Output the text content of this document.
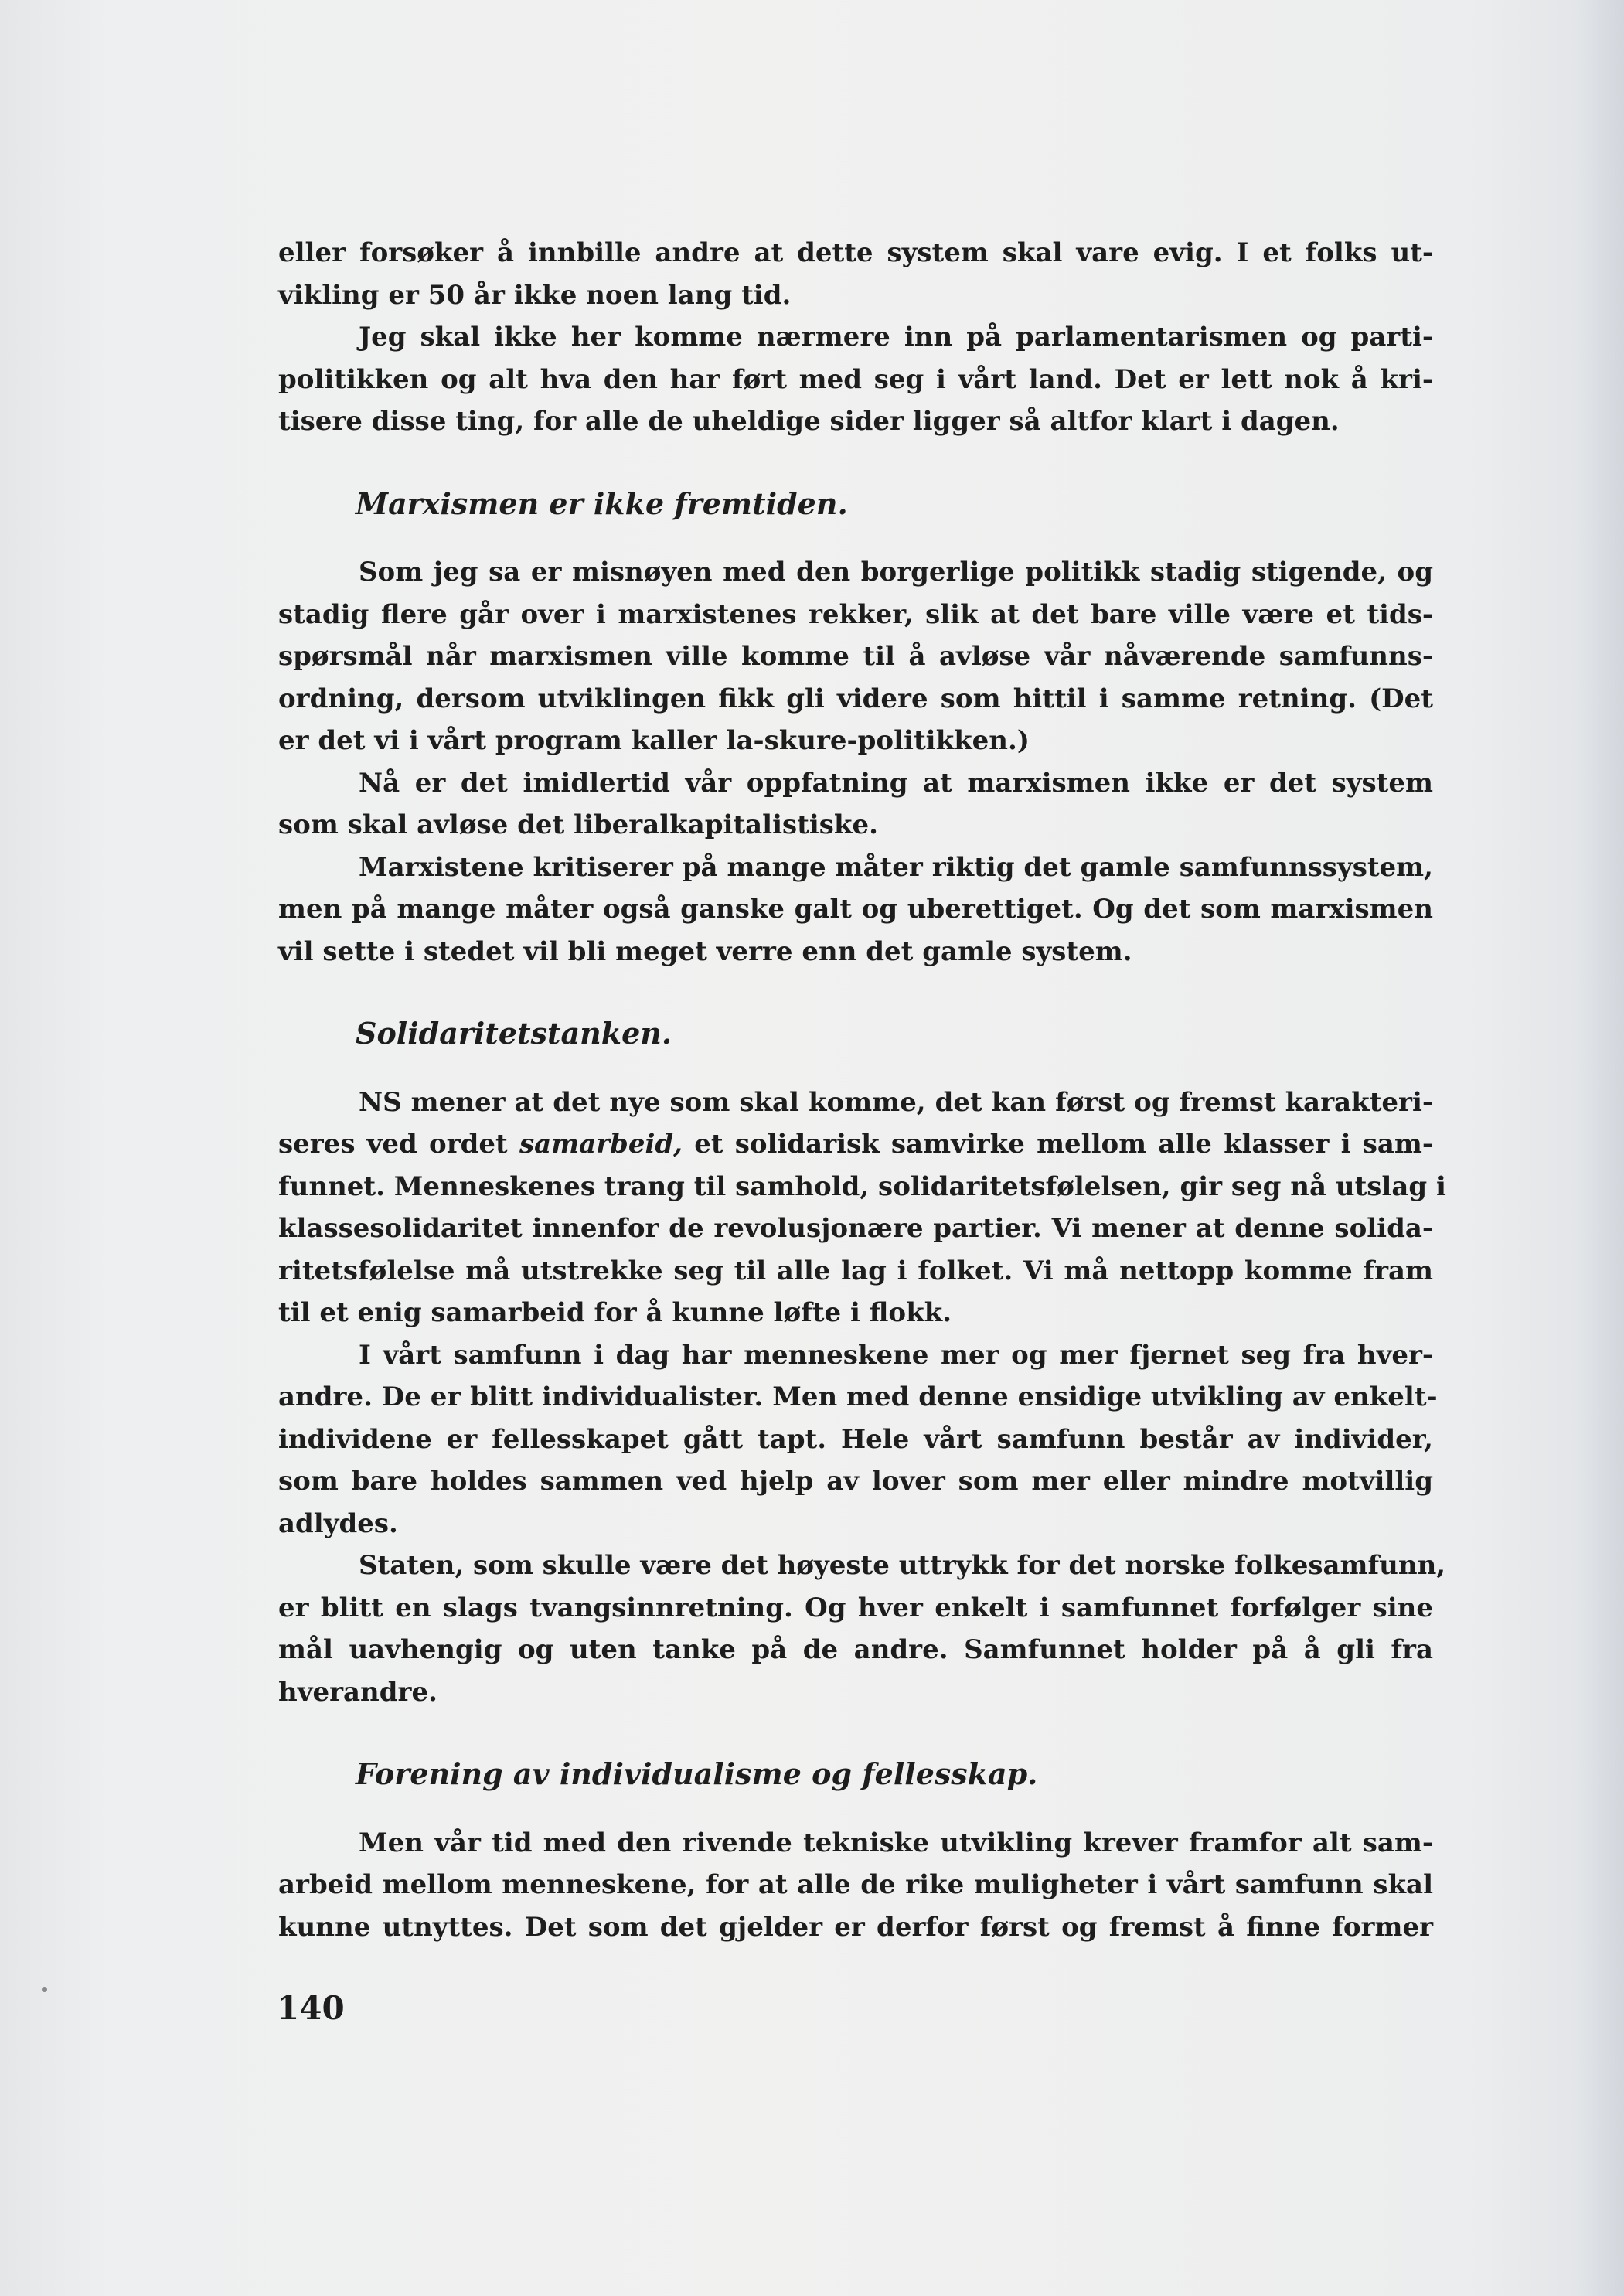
eller forsøker å innbille andre at dette system skal vare evig. I et folks ut-
vikling er 50 år ikke noen lang tid.
Jeg skal ikke her komme nærmere inn på parlamentarismen og parti-
politikken og alt hva den har ført med seg i vårt land. Det er lett nok å kri-
tisere disse ting, for alle de uheldige sider ligger så altfor klart i dagen.
Marxismen er ikke fremtiden.
Som jeg sa er misnøyen med den borgerlige politikk stadig stigende, og
stadig flere går over i marxistenes rekker, slik at det bare ville være et tids-
spørsmål når marxismen ville komme til å avløse vår nåværende samfunns-
ordning, dersom utviklingen fikk gli videre som hittil i samme retning. (Det
er det vi i vårt program kaller la-skure-politikken.)
Nå er det imidlertid vår oppfatning at marxismen ikke er det system
som skal avløse det liberalkapitalistiske.
Marxistene kritiserer på mange måter riktig det gamle samfunnssystem,
men på mange måter også ganske galt og uberettiget. Og det som marxismen
vil sette i stedet vil bli meget verre enn det gamle system.
Solidaritetstanken.
NS mener at det nye som skal komme, det kan først og fremst karakteri-
seres ved ordet samarbeid, et solidarisk samvirke mellom alle klasser i sam-
funnet. Menneskenes trang til samhold, solidaritetsfølelsen, gir seg nå utslag i
klassesolidaritet innenfor de revolusjonære partier. Vi mener at denne solida-
ritetsfølelse må utstrekke seg til alle lag i folket. Vi må nettopp komme fram
til et enig samarbeid for å kunne løfte i flokk.
I vårt samfunn i dag har menneskene mer og mer fjernet seg fra hver-
andre. De er blitt individualister. Men med denne ensidige utvikling av enkelt-
individene er fellesskapet gått tapt. Hele vårt samfunn består av individer,
som bare holdes sammen ved hjelp av lover som mer eller mindre motvillig
adlydes.
Staten, som skulle være det høyeste uttrykk for det norske folkesamfunn,
er blitt en slags tvangsinnretning. Og hver enkelt i samfunnet forfølger sine
mål uavhengig og uten tanke på de andre. Samfunnet holder på å gli fra
hverandre.
Forening av individualisme og fellesskap.
Men vår tid med den rivende tekniske utvikling krever framfor alt sam-
arbeid mellom menneskene, for at alle de rike muligheter i vårt samfunn skal
kunne utnyttes. Det som det gjelder er derfor først og fremst å finne former
140
